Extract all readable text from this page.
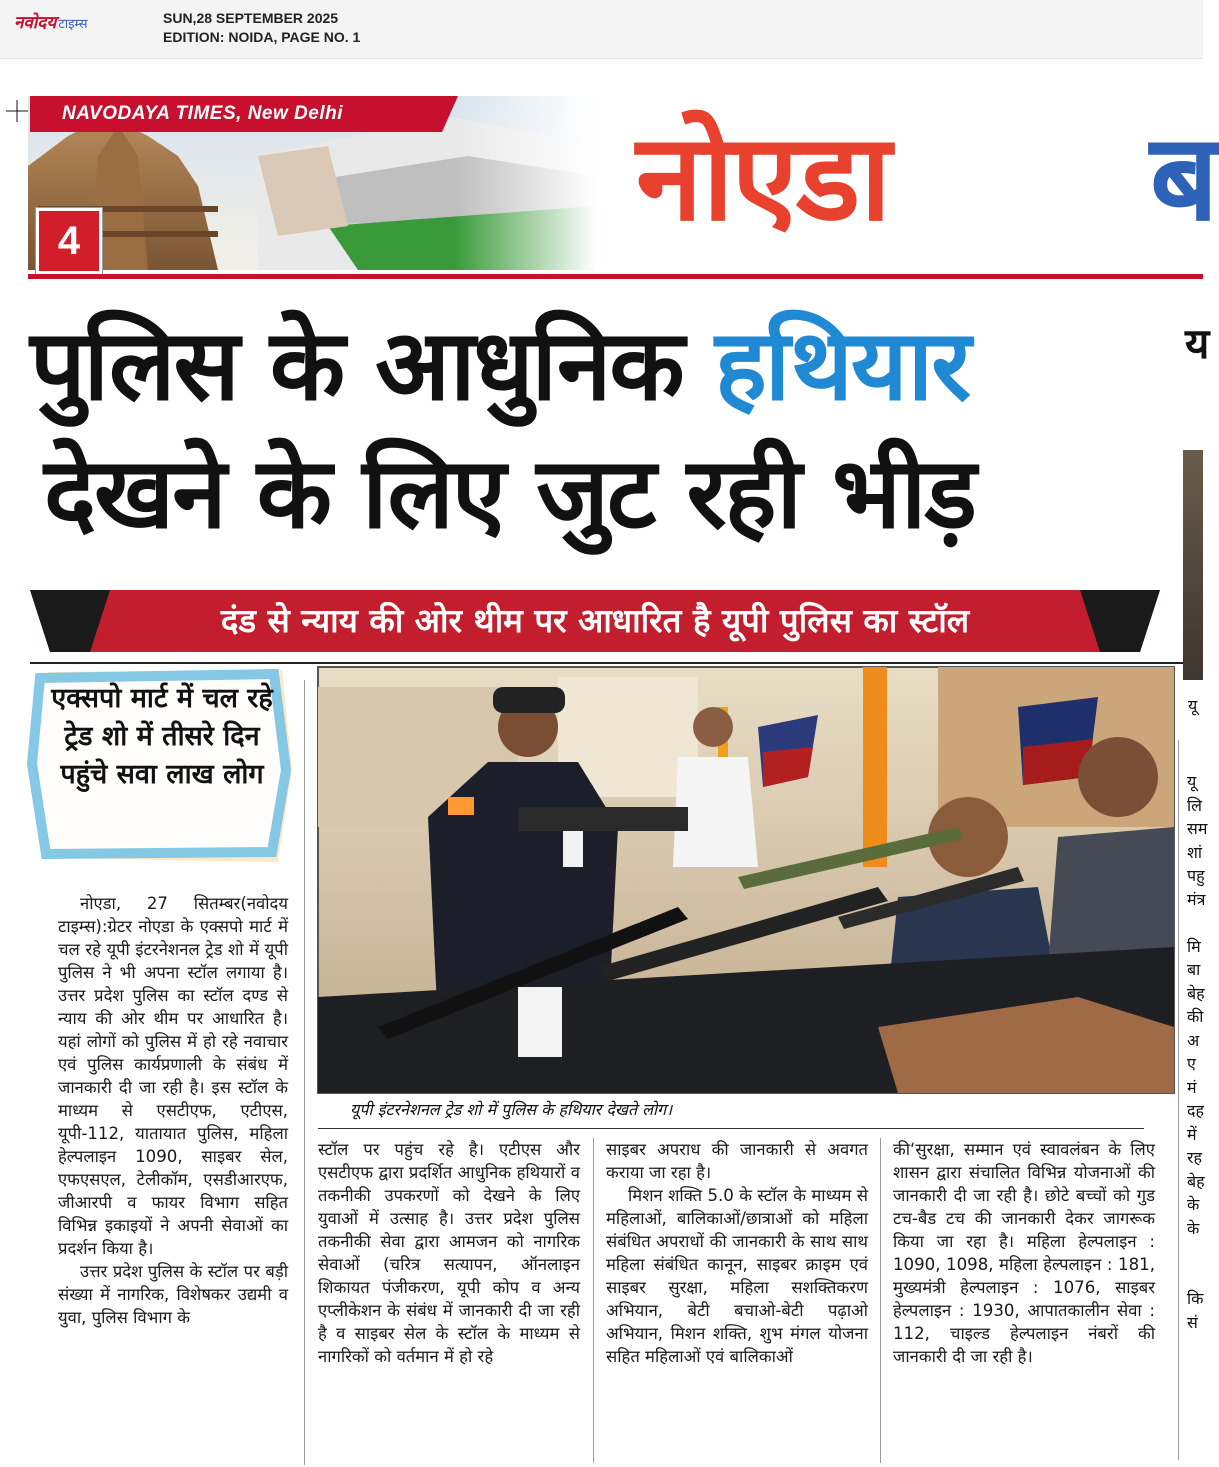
नवोदय टाइम्स	SUN,28 SEPTEMBER 2025
EDITION: NOIDA, PAGE NO. 1
NAVODAYA TIMES, New Delhi
4	नोएडा ब
पुलिस के आधुनिक हथियार
देखने के लिए जुट रही भीड़
दंड से न्याय की ओर थीम पर आधारित है यूपी पुलिस का स्टॉल
एक्सपो मार्ट में चल रहे ट्रेड शो में तीसरे दिन पहुंचे सवा लाख लोग
यूपी इंटरनेशनल ट्रेड शो में पुलिस के हथियार देखते लोग।

नोएडा, 27 सितम्बर(नवोदय टाइम्स):ग्रेटर नोएडा के एक्सपो मार्ट में चल रहे यूपी इंटरनेशनल ट्रेड शो में यूपी पुलिस ने भी अपना स्टॉल लगाया है। उत्तर प्रदेश पुलिस का स्टॉल दण्ड से न्याय की ओर थीम पर आधारित है। यहां लोगों को पुलिस में हो रहे नवाचार एवं पुलिस कार्यप्रणाली के संबंध में जानकारी दी जा रही है। इस स्टॉल के माध्यम से एसटीएफ, एटीएस, यूपी-112, यातायात पुलिस, महिला हेल्पलाइन 1090, साइबर सेल, एफएसएल, टेलीकॉम, एसडीआरएफ, जीआरपी व फायर विभाग सहित विभिन्न इकाइयों ने अपनी सेवाओं का प्रदर्शन किया है।

उत्तर प्रदेश पुलिस के स्टॉल पर बड़ी संख्या में नागरिक, विशेषकर उद्यमी व युवा, पुलिस विभाग के

स्टॉल पर पहुंच रहे है। एटीएस और एसटीएफ द्वारा प्रदर्शित आधुनिक हथियारों व तकनीकी उपकरणों को देखने के लिए युवाओं में उत्साह है। उत्तर प्रदेश पुलिस तकनीकी सेवा द्वारा आमजन को नागरिक सेवाओं (चरित्र सत्यापन, ऑनलाइन शिकायत पंजीकरण, यूपी कोप व अन्य एप्लीकेशन के संबंध में जानकारी दी जा रही है व साइबर सेल के स्टॉल के माध्यम से नागरिकों को वर्तमान में हो रहे

साइबर अपराध की जानकारी से अवगत कराया जा रहा है।

मिशन शक्ति 5.0 के स्टॉल के माध्यम से महिलाओं, बालिकाओं/छात्राओं को महिला संबंधित अपराधों की जानकारी के साथ साथ महिला संबंधित कानून, साइबर क्राइम एवं साइबर सुरक्षा, महिला सशक्तिकरण अभियान, बेटी बचाओ-बेटी पढ़ाओ अभियान, मिशन शक्ति, शुभ मंगल योजना सहित महिलाओं एवं बालिकाओं

की‘सुरक्षा, सम्मान एवं स्वावलंबन के लिए शासन द्वारा संचालित विभिन्न योजनाओं की जानकारी दी जा रही है। छोटे बच्चों को गुड टच-बैड टच की जानकारी देकर जागरूक किया जा रहा है। महिला हेल्पलाइन : 1090, 1098, महिला हेल्पलाइन : 181, मुख्यमंत्री हेल्पलाइन : 1076, साइबर हेल्पलाइन : 1930, आपातकालीन सेवा : 112, चाइल्ड हेल्पलाइन नंबरों की जानकारी दी जा रही है।

य
यू
यू
लि
सम
शां
पहु
मंत्र
मि
बा
बेह
की
अ
ए
मं
दह
में
रह
बेह
के
के
कि
सं
